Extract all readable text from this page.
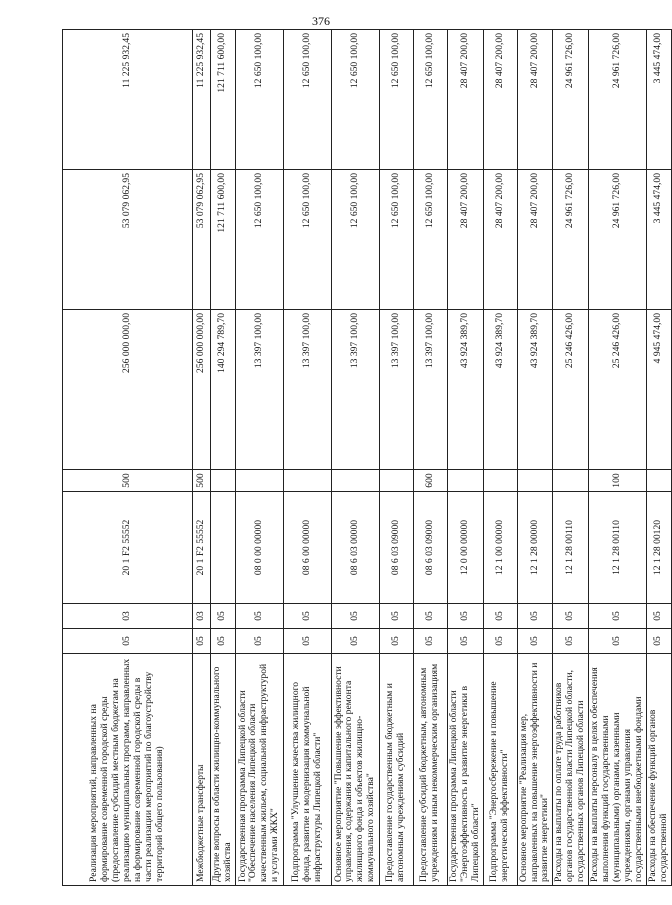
376
Реализация мероприятий, направленных на формирование современной городской среды (предоставление субсидий местным бюджетам на реализацию муниципальных программ, направленных на формирование современной городской среды в части реализации мероприятий по благоустройству территорий общего пользования)	05	03	20 1 F2 55552	500	256 000 000,00	53 079 062,95	11 225 932,45
Межбюджетные трансферты	05	03	20 1 F2 55552	500	256 000 000,00	53 079 062,95	11 225 932,45
Другие вопросы в области жилищно-коммунального хозяйства	05	05			140 294 789,70	121 711 600,00	121 711 600,00
Государственная программа Липецкой области "Обеспечение населения Липецкой области качественным жильем, социальной инфраструктурой и услугами ЖКХ"	05	05	08 0 00 00000		13 397 100,00	12 650 100,00	12 650 100,00
Подпрограмма "Улучшение качества жилищного фонда, развитие и модернизация коммунальной инфраструктуры Липецкой области"	05	05	08 6 00 00000		13 397 100,00	12 650 100,00	12 650 100,00
Основное мероприятие "Повышение эффективности управления, содержания и капитального ремонта жилищного фонда и объектов жилищно-коммунального хозяйства"	05	05	08 6 03 00000		13 397 100,00	12 650 100,00	12 650 100,00
Предоставление государственным бюджетным и автономным учреждениям субсидий	05	05	08 6 03 09000		13 397 100,00	12 650 100,00	12 650 100,00
Предоставление субсидий бюджетным, автономным учреждениям и иным некоммерческим организациям	05	05	08 6 03 09000	600	13 397 100,00	12 650 100,00	12 650 100,00
Государственная программа Липецкой области "Энергоэффективность и развитие энергетики в Липецкой области"	05	05	12 0 00 00000		43 924 389,70	28 407 200,00	28 407 200,00
Подпрограмма "Энергосбережение и повышение энергетической эффективности"	05	05	12 1 00 00000		43 924 389,70	28 407 200,00	28 407 200,00
Основное мероприятие "Реализация мер, направленных на повышение энергоэффективности и развитие энергетики"	05	05	12 1 28 00000		43 924 389,70	28 407 200,00	28 407 200,00
Расходы на выплаты по оплате труда работников органов государственной власти Липецкой области, государственных органов Липецкой области	05	05	12 1 28 00110		25 246 426,00	24 961 726,00	24 961 726,00
Расходы на выплаты персоналу в целях обеспечения выполнения функций государственными (муниципальными) органами, казенными учреждениями, органами управления государственными внебюджетными фондами	05	05	12 1 28 00110	100	25 246 426,00	24 961 726,00	24 961 726,00
Расходы на обеспечение функций органов государственной	05	05	12 1 28 00120		4 945 474,00	3 445 474,00	3 445 474,00
